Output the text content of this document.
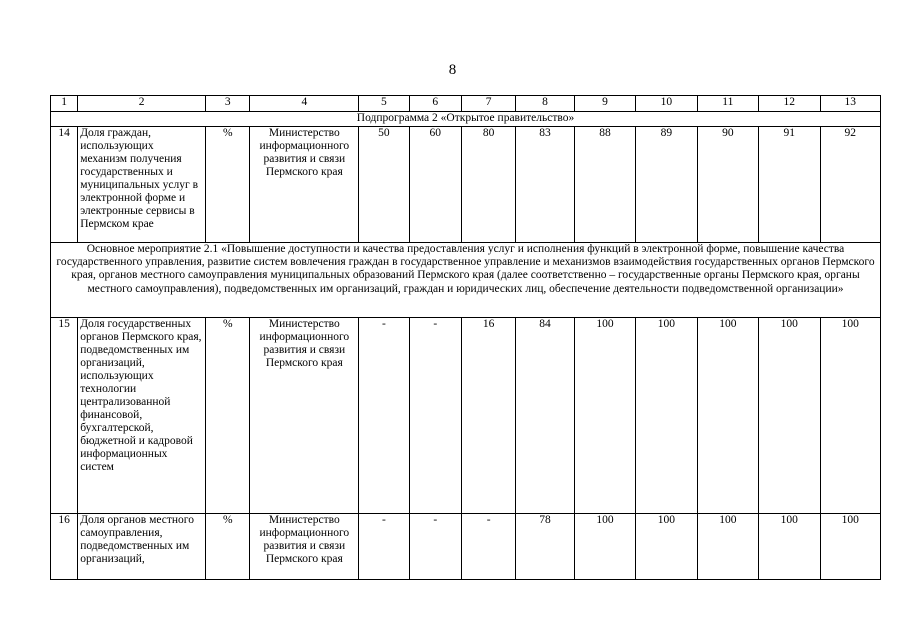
8
1	2	3	4	5	6	7	8	9	10	11	12	13
Подпрограмма 2 «Открытое правительство»												
14	Доля граждан, использующих механизм получения государственных и муниципальных услуг в электронной форме и электронные сервисы в Пермском крае	%	Министерство информационного развития и связи Пермского края	50	60	80	83	88	89	90	91	92
Основное мероприятие 2.1 «Повышение доступности и качества предоставления услуг и исполнения функций в электронной форме, повышение качества государственного управления, развитие систем вовлечения граждан в государственное управление и механизмов взаимодействия государственных органов Пермского края, органов местного самоуправления муниципальных образований Пермского края (далее соответственно – государственные органы Пермского края, органы местного самоуправления), подведомственных им организаций, граждан и юридических лиц, обеспечение деятельности подведомственной организации»												
15	Доля государственных органов Пермского края, подведомственных им организаций, использующих технологии централизованной финансовой, бухгалтерской, бюджетной и кадровой информационных систем	%	Министерство информационного развития и связи Пермского края	-	-	16	84	100	100	100	100	100
16	Доля органов местного самоуправления, подведомственных им организаций,	%	Министерство информационного развития и связи Пермского края	-	-	-	78	100	100	100	100	100
